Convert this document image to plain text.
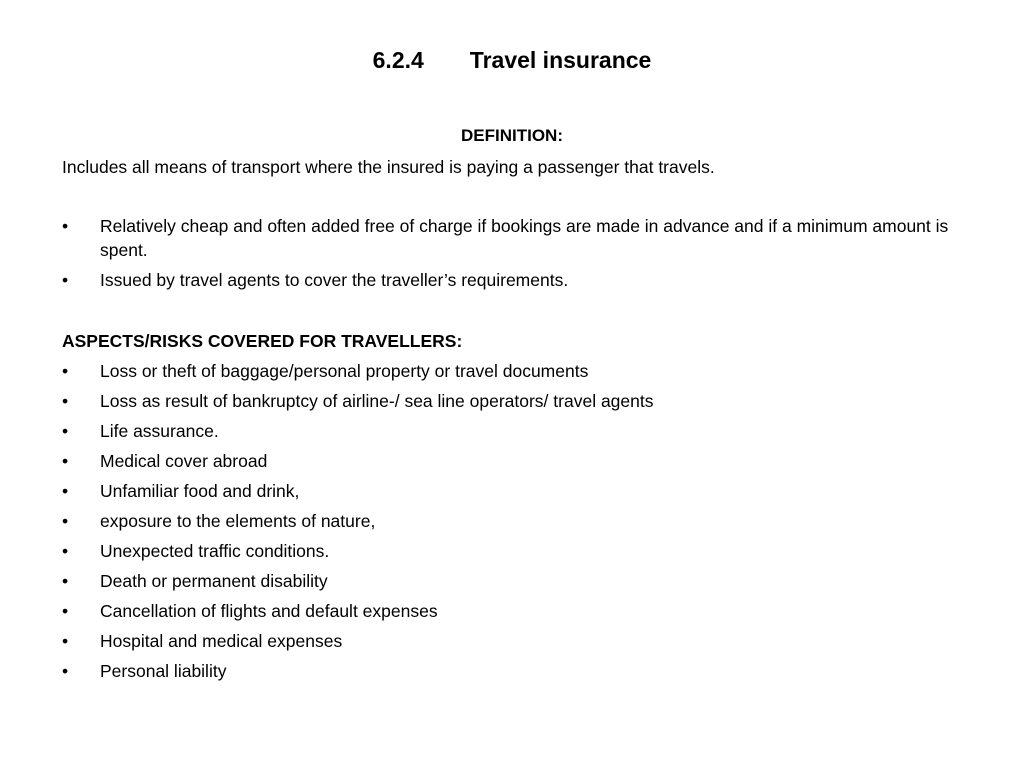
6.2.4 Travel insurance
DEFINITION:
Includes all means of transport where the insured is paying a passenger that travels.
• Relatively cheap and often added free of charge if bookings are made in advance and if a minimum amount is spent.
• Issued by travel agents to cover the traveller’s requirements.
ASPECTS/RISKS COVERED FOR TRAVELLERS:
• Loss or theft of baggage/personal property or travel documents
• Loss as result of bankruptcy of airline-/ sea line operators/ travel agents
• Life assurance.
• Medical cover abroad
• Unfamiliar food and drink,
• exposure to the elements of nature,
• Unexpected traffic conditions.
• Death or permanent disability
• Cancellation of flights and default expenses
• Hospital and medical expenses
• Personal liability
